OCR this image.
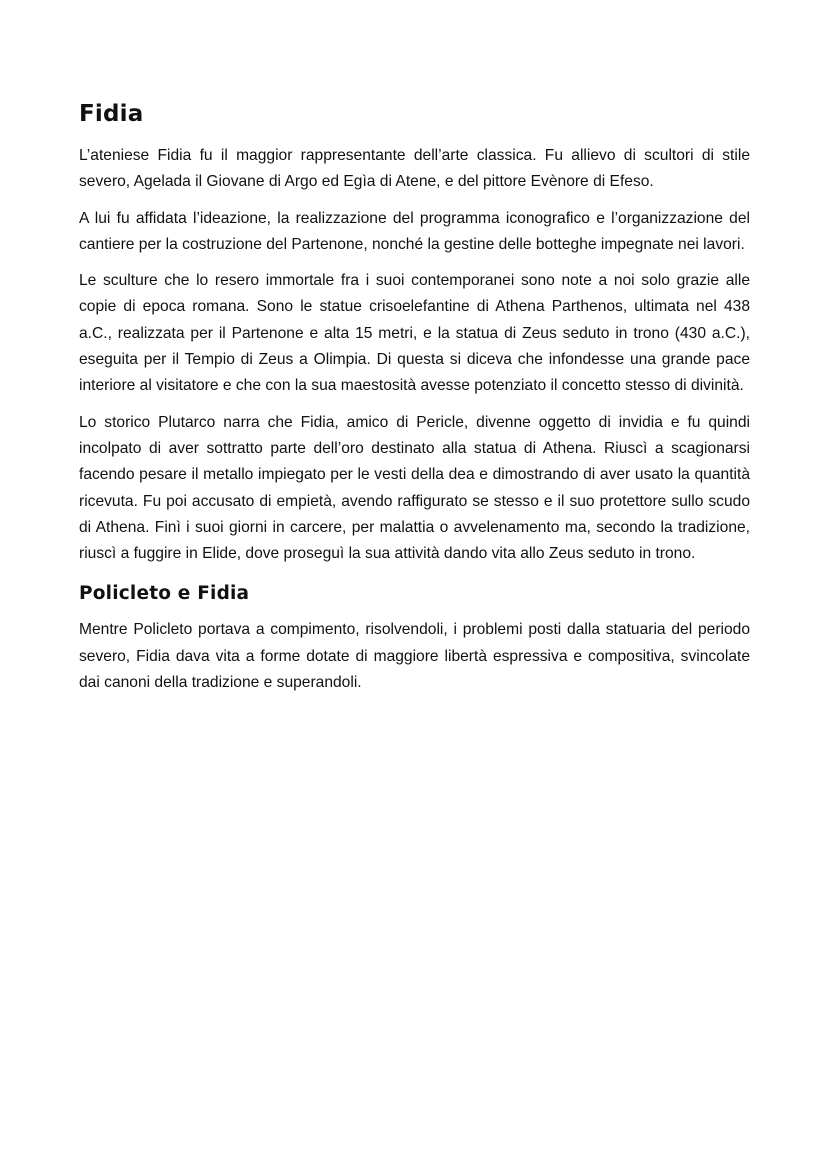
Fidia

L’ateniese Fidia fu il maggior rappresentante dell’arte classica. Fu allievo di scultori di stile severo, Agelada il Giovane di Argo ed Egìa di Atene, e del pittore Evènore di Efeso.

A lui fu affidata l’ideazione, la realizzazione del programma iconografico e l’organizzazione del cantiere per la costruzione del Partenone, nonché la gestine delle botteghe impegnate nei lavori.

Le sculture che lo resero immortale fra i suoi contemporanei sono note a noi solo grazie alle copie di epoca romana. Sono le statue crisoelefantine di Athena Parthenos, ultimata nel 438 a.C., realizzata per il Partenone e alta 15 metri, e la statua di Zeus seduto in trono (430 a.C.), eseguita per il Tempio di Zeus a Olimpia. Di questa si diceva che infondesse una grande pace interiore al visitatore e che con la sua maestosità avesse potenziato il concetto stesso di divinità.

Lo storico Plutarco narra che Fidia, amico di Pericle, divenne oggetto di invidia e fu quindi incolpato di aver sottratto parte dell’oro destinato alla statua di Athena. Riuscì a scagionarsi facendo pesare il metallo impiegato per le vesti della dea e dimostrando di aver usato la quantità ricevuta. Fu poi accusato di empietà, avendo raffigurato se stesso e il suo protettore sullo scudo di Athena. Finì i suoi giorni in carcere, per malattia o avvelenamento ma, secondo la tradizione, riuscì a fuggire in Elide, dove proseguì la sua attività dando vita allo Zeus seduto in trono.

Policleto e Fidia

Mentre Policleto portava a compimento, risolvendoli, i problemi posti dalla statuaria del periodo severo, Fidia dava vita a forme dotate di maggiore libertà espressiva e compositiva, svincolate dai canoni della tradizione e superandoli.
